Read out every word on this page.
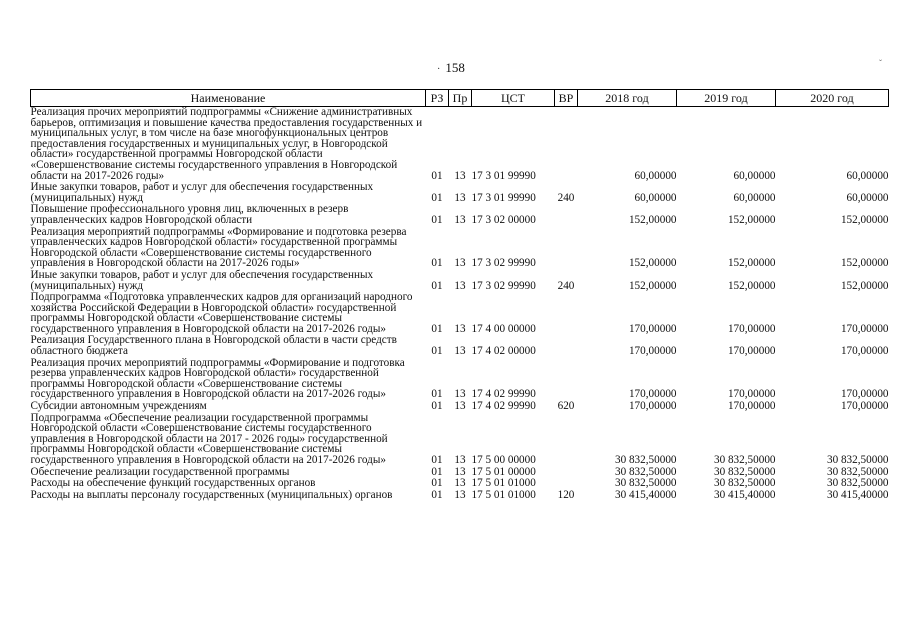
· 158	ˇ
Наименование	РЗ	Пр	ЦСТ	ВР	2018 год	2019 год	2020 год
Реализация прочих мероприятий подпрограммы «Снижение административных барьеров, оптимизация и повышение качества предоставления государственных и муниципальных услуг, в том числе на базе многофункциональных центров предоставления государственных и муниципальных услуг, в Новгородской области» государственной программы Новгородской области «Совершенствование системы государственного управления в Новгородской области на 2017-2026 годы»	01	13	17 3 01 99990		60,00000	60,00000	60,00000
Иные закупки товаров, работ и услуг для обеспечения государственных (муниципальных) нужд	01	13	17 3 01 99990	240	60,00000	60,00000	60,00000
Повышение профессионального уровня лиц, включенных в резерв управленческих кадров Новгородской области	01	13	17 3 02 00000		152,00000	152,00000	152,00000
Реализация мероприятий подпрограммы «Формирование и подготовка резерва управленческих кадров Новгородской области» государственной программы Новгородской области «Совершенствование системы государственного управления в Новгородской области на 2017-2026 годы»	01	13	17 3 02 99990		152,00000	152,00000	152,00000
Иные закупки товаров, работ и услуг для обеспечения государственных (муниципальных) нужд	01	13	17 3 02 99990	240	152,00000	152,00000	152,00000
Подпрограмма «Подготовка управленческих кадров для организаций народного хозяйства Российской Федерации в Новгородской области» государственной программы Новгородской области «Совершенствование системы государственного управления в Новгородской области на 2017-2026 годы»	01	13	17 4 00 00000		170,00000	170,00000	170,00000
Реализация Государственного плана в Новгородской области в части средств областного бюджета	01	13	17 4 02 00000		170,00000	170,00000	170,00000
Реализация прочих мероприятий подпрограммы «Формирование и подготовка резерва управленческих кадров Новгородской области» государственной программы Новгородской области «Совершенствование системы государственного управления в Новгородской области на 2017-2026 годы»	01	13	17 4 02 99990		170,00000	170,00000	170,00000
Субсидии автономным учреждениям	01	13	17 4 02 99990	620	170,00000	170,00000	170,00000
Подпрограмма «Обеспечение реализации государственной программы Новгородской области «Совершенствование системы государственного управления в Новгородской области на 2017 - 2026 годы» государственной программы Новгородской области «Совершенствование системы государственного управления в Новгородской области на 2017-2026 годы»	01	13	17 5 00 00000		30 832,50000	30 832,50000	30 832,50000
Обеспечение реализации государственной программы	01	13	17 5 01 00000		30 832,50000	30 832,50000	30 832,50000
Расходы на обеспечение функций государственных органов	01	13	17 5 01 01000		30 832,50000	30 832,50000	30 832,50000
Расходы на выплаты персоналу государственных (муниципальных) органов	01	13	17 5 01 01000	120	30 415,40000	30 415,40000	30 415,40000
